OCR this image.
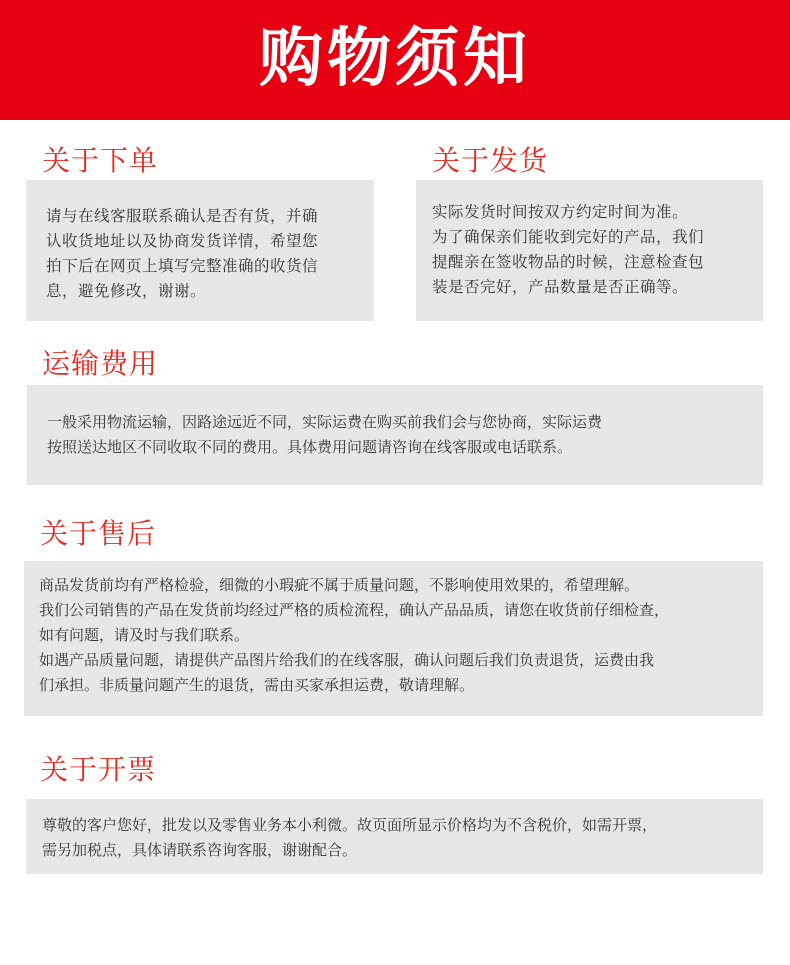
购物须知
关于下单
请与在线客服联系确认是否有货，并确
认收货地址以及协商发货详情，希望您
拍下后在网页上填写完整准确的收货信
息，避免修改，谢谢。
关于发货
实际发货时间按双方约定时间为准。
为了确保亲们能收到完好的产品，我们
提醒亲在签收物品的时候，注意检查包
装是否完好，产品数量是否正确等。
运输费用
一般采用物流运输，因路途远近不同，实际运费在购买前我们会与您协商，实际运费
按照送达地区不同收取不同的费用。具体费用问题请咨询在线客服或电话联系。
关于售后
商品发货前均有严格检验，细微的小瑕疵不属于质量问题，不影响使用效果的，希望理解。
我们公司销售的产品在发货前均经过严格的质检流程，确认产品品质，请您在收货前仔细检查，
如有问题，请及时与我们联系。
如遇产品质量问题，请提供产品图片给我们的在线客服，确认问题后我们负责退货，运费由我
们承担。非质量问题产生的退货，需由买家承担运费，敬请理解。
关于开票
尊敬的客户您好，批发以及零售业务本小利微。故页面所显示价格均为不含税价，如需开票，
需另加税点，具体请联系咨询客服，谢谢配合。
